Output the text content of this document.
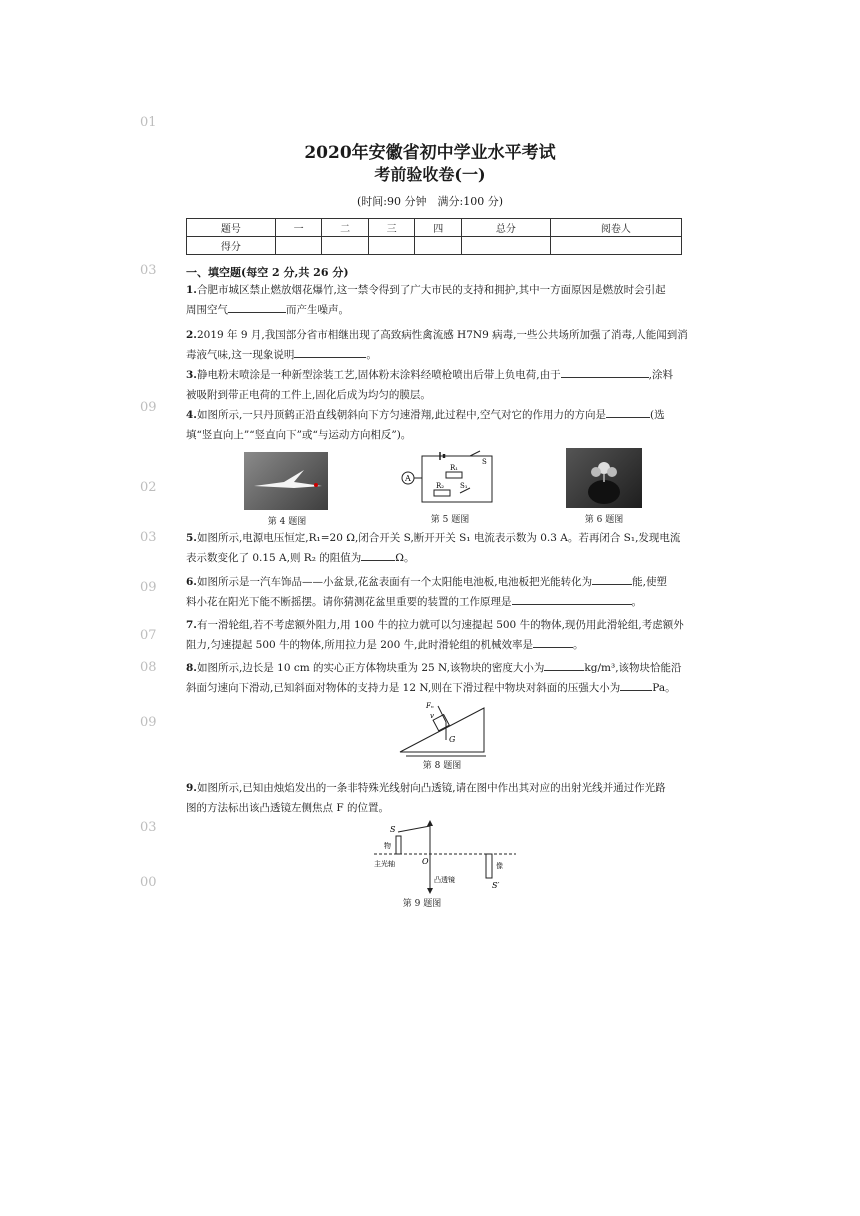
01
03
09
02
03
09
07
08
09
03
00
2020年安徽省初中学业水平考试
考前验收卷(一)
(时间:90 分钟　满分:100 分)
题号	一	二	三	四	总分	阅卷人
得分						
一、填空题(每空 2 分,共 26 分)
1.合肥市城区禁止燃放烟花爆竹,这一禁令得到了广大市民的支持和拥护,其中一方面原因是燃放时会引起
周围空气	而产生噪声。
2.2019 年 9 月,我国部分省市相继出现了高致病性禽流感 H7N9 病毒,一些公共场所加强了消毒,人能闻到消
毒液气味,这一现象说明	。
3.静电粉末喷涂是一种新型涂装工艺,固体粉末涂料经喷枪喷出后带上负电荷,由于	,涂料
被吸附到带正电荷的工件上,固化后成为均匀的膜层。
4.如图所示,一只丹顶鹤正沿直线朝斜向下方匀速滑翔,此过程中,空气对它的作用力的方向是	(选
填“竖直向上”“竖直向下”或“与运动方向相反”)。
第 4 题图
A
R₁
R₂
S
S₁
第 5 题图	第 6 题图
5.如图所示,电源电压恒定,R₁=20 Ω,闭合开关 S,断开开关 S₁ 电流表示数为 0.3 A。若再闭合 S₁,发现电流
表示数变化了 0.15 A,则 R₂ 的阻值为	Ω。
6.如图所示是一汽车饰品——小盆景,花盆表面有一个太阳能电池板,电池板把光能转化为	能,使塑
料小花在阳光下能不断摇摆。请你猜测花盆里重要的装置的工作原理是	。
7.有一滑轮组,若不考虑额外阻力,用 100 牛的拉力就可以匀速提起 500 牛的物体,现仍用此滑轮组,考虑额外
阻力,匀速提起 500 牛的物体,所用拉力是 200 牛,此时滑轮组的机械效率是	。
8.如图所示,边长是 10 cm 的实心正方体物块重为 25 N,该物块的密度大小为	kg/m³,该物块恰能沿
斜面匀速向下滑动,已知斜面对物体的支持力是 12 N,则在下滑过程中物块对斜面的压强大小为	Pa。
Fₙ
v
G
第 8 题图
9.如图所示,已知由烛焰发出的一条非特殊光线射向凸透镜,请在图中作出其对应的出射光线并通过作光路
图的方法标出该凸透镜左侧焦点 F 的位置。
S
物
主光轴	O
凸透镜
像
S′
第 9 题图
